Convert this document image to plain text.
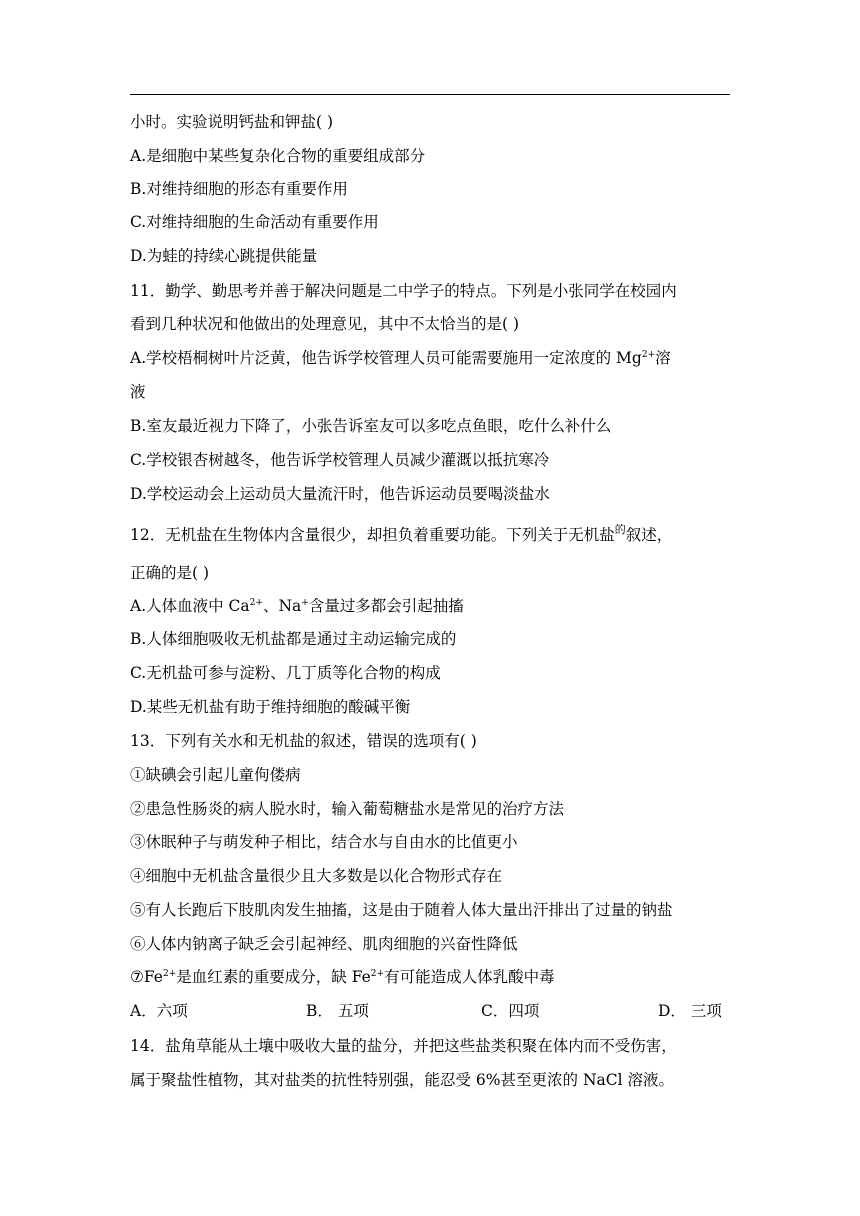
小时。实验说明钙盐和钾盐( )
A.是细胞中某些复杂化合物的重要组成部分
B.对维持细胞的形态有重要作用
C.对维持细胞的生命活动有重要作用
D.为蛙的持续心跳提供能量
11．勤学、勤思考并善于解决问题是二中学子的特点。下列是小张同学在校园内
看到几种状况和他做出的处理意见，其中不太恰当的是( )
A.学校梧桐树叶片泛黄，他告诉学校管理人员可能需要施用一定浓度的 $Mg^{2+}$溶
液
B.室友最近视力下降了，小张告诉室友可以多吃点鱼眼，吃什么补什么
C.学校银杏树越冬，他告诉学校管理人员减少灌溉以抵抗寒冷
D.学校运动会上运动员大量流汗时，他告诉运动员要喝淡盐水
12．无机盐在生物体内含量很少，却担负着重要功能。下列关于无机盐$^的$叙述，
正确的是( )
A.人体血液中 $Ca^{2+}$、Na+含量过多都会引起抽搐
B.人体细胞吸收无机盐都是通过主动运输完成的
C.无机盐可参与淀粉、几丁质等化合物的构成
D.某些无机盐有助于维持细胞的酸碱平衡
13．下列有关水和无机盐的叙述，错误的选项有( )
①缺碘会引起儿童佝偻病
②患急性肠炎的病人脱水时，输入葡萄糖盐水是常见的治疗方法
③休眠种子与萌发种子相比，结合水与自由水的比值更小
④细胞中无机盐含量很少且大多数是以化合物形式存在
⑤有人长跑后下肢肌肉发生抽搐，这是由于随着人体大量出汗排出了过量的钠盐
⑥人体内钠离子缺乏会引起神经、肌肉细胞的兴奋性降低
$⑦Fe^{2+}$是血红素的重要成分，缺 $Fe^{2+}$有可能造成人体乳酸中毒
A．六项	B． 五项	C．四项	D． 三项
14．盐角草能从土壤中吸收大量的盐分，并把这些盐类积聚在体内而不受伤害，
属于聚盐性植物，其对盐类的抗性特别强，能忍受 6%甚至更浓的 NaCl 溶液。
